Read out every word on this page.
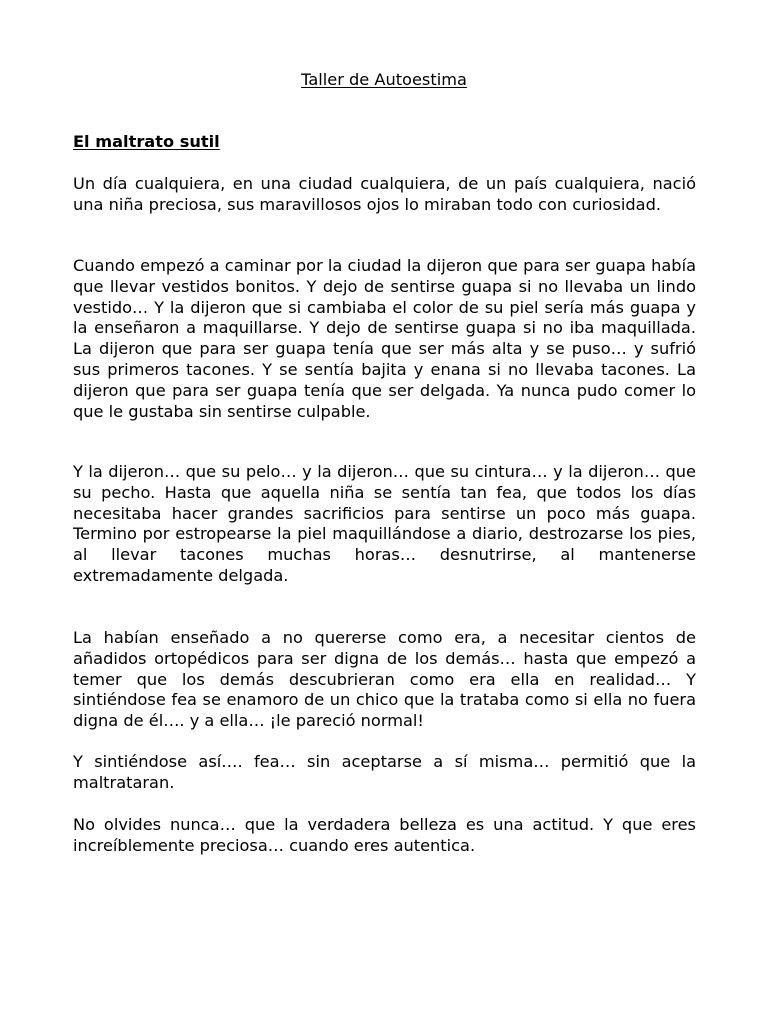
Taller de Autoestima
El maltrato sutil

Un día cualquiera, en una ciudad cualquiera, de un país cualquiera, nació una niña preciosa, sus maravillosos ojos lo miraban todo con curiosidad.

Cuando empezó a caminar por la ciudad la dijeron que para ser guapa había que llevar vestidos bonitos. Y dejo de sentirse guapa si no llevaba un lindo vestido… Y la dijeron que si cambiaba el color de su piel sería más guapa y la enseñaron a maquillarse. Y dejo de sentirse guapa si no iba maquillada. La dijeron que para ser guapa tenía que ser más alta y se puso… y sufrió sus primeros tacones. Y se sentía bajita y enana si no llevaba tacones. La dijeron que para ser guapa tenía que ser delgada. Ya nunca pudo comer lo que le gustaba sin sentirse culpable.

Y la dijeron… que su pelo… y la dijeron… que su cintura… y la dijeron… que su pecho. Hasta que aquella niña se sentía tan fea, que todos los días necesitaba hacer grandes sacrificios para sentirse un poco más guapa. Termino por estropearse la piel maquillándose a diario, destrozarse los pies, al llevar tacones muchas horas… desnutrirse, al mantenerse extremadamente delgada.

La habían enseñado a no quererse como era, a necesitar cientos de añadidos ortopédicos para ser digna de los demás… hasta que empezó a temer que los demás descubrieran como era ella en realidad… Y sintiéndose fea se enamoro de un chico que la trataba como si ella no fuera digna de él…. y a ella… ¡le pareció normal!

Y sintiéndose así…. fea… sin aceptarse a sí misma… permitió que la maltrataran.

No olvides nunca… que la verdadera belleza es una actitud. Y que eres increíblemente preciosa… cuando eres autentica.
